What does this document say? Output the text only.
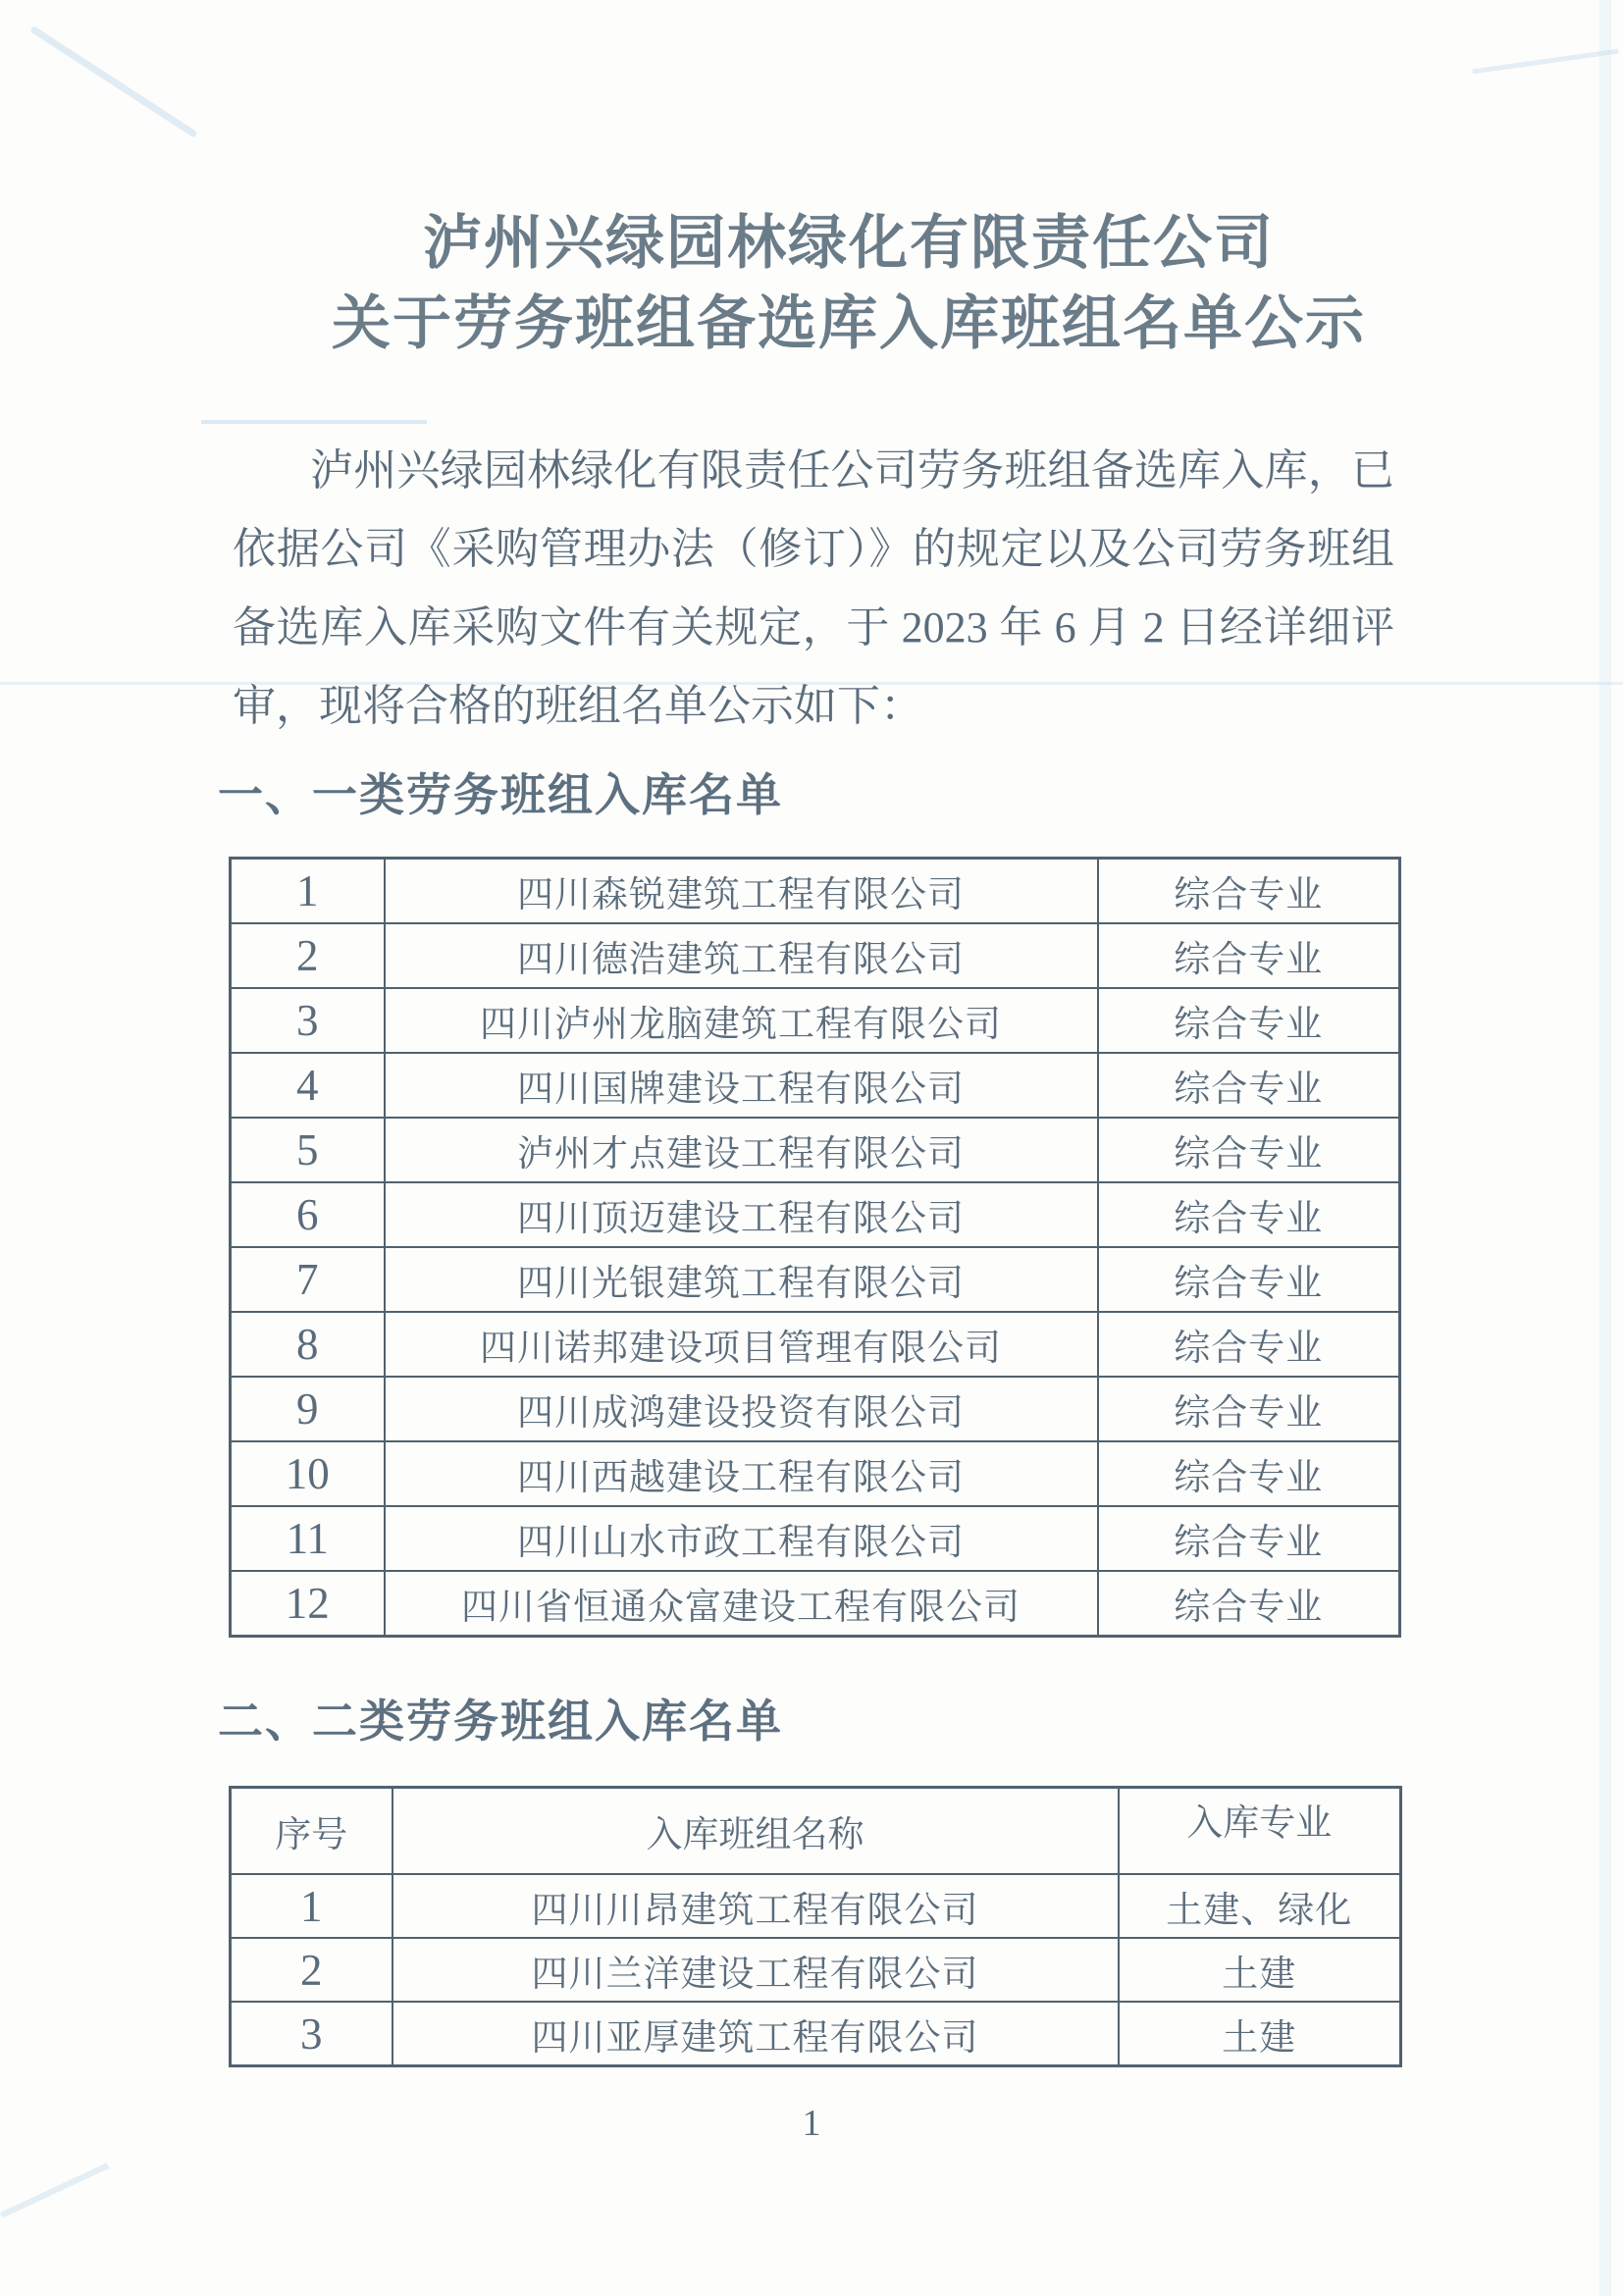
泸州兴绿园林绿化有限责任公司
关于劳务班组备选库入库班组名单公示
泸州兴绿园林绿化有限责任公司劳务班组备选库入库，已
依据公司《采购管理办法（修订）》的规定以及公司劳务班组
备选库入库采购文件有关规定，于 2023 年 6 月 2 日经详细评
审，现将合格的班组名单公示如下：
一、一类劳务班组入库名单
1	四川森锐建筑工程有限公司	综合专业
2	四川德浩建筑工程有限公司	综合专业
3	四川泸州龙脑建筑工程有限公司	综合专业
4	四川国牌建设工程有限公司	综合专业
5	泸州才点建设工程有限公司	综合专业
6	四川顶迈建设工程有限公司	综合专业
7	四川光银建筑工程有限公司	综合专业
8	四川诺邦建设项目管理有限公司	综合专业
9	四川成鸿建设投资有限公司	综合专业
10	四川西越建设工程有限公司	综合专业
11	四川山水市政工程有限公司	综合专业
12	四川省恒通众富建设工程有限公司	综合专业
二、二类劳务班组入库名单
序号	入库班组名称	入库专业
1	四川川昂建筑工程有限公司	土建、绿化
2	四川兰洋建设工程有限公司	土建
3	四川亚厚建筑工程有限公司	土建
1
